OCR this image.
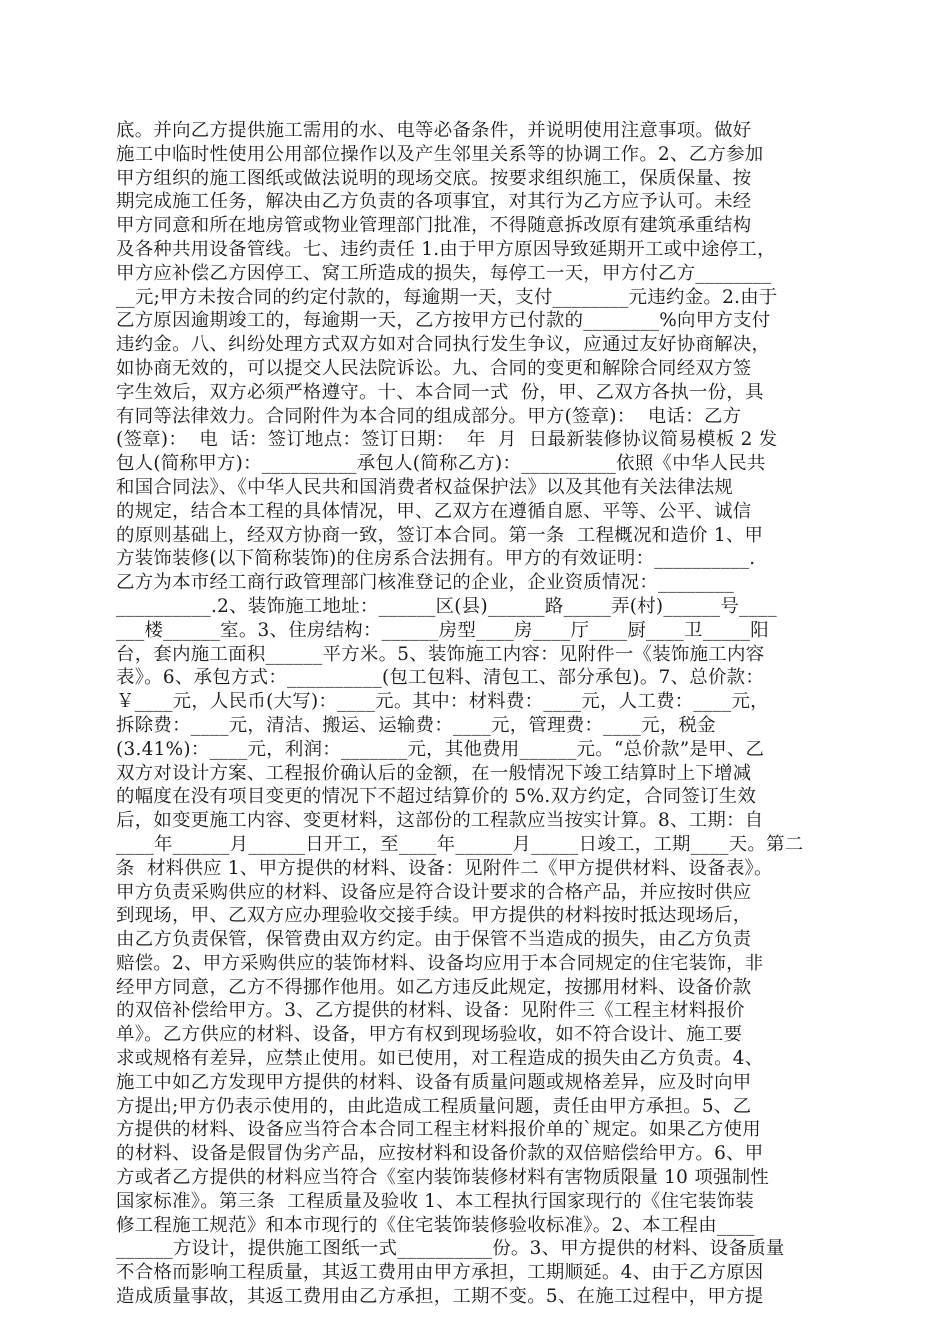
底。并向乙方提供施工需用的水、电等必备条件，并说明使用注意事项。做好
施工中临时性使用公用部位操作以及产生邻里关系等的协调工作。2、乙方参加
甲方组织的施工图纸或做法说明的现场交底。按要求组织施工，保质保量、按
期完成施工任务，解决由乙方负责的各项事宜，对其行为乙方应予认可。未经
甲方同意和所在地房管或物业管理部门批准，不得随意拆改原有建筑承重结构
及各种共用设备管线。七、违约责任 1.由于甲方原因导致延期开工或中途停工，
甲方应补偿乙方因停工、窝工所造成的损失，每停工一天，甲方付乙方________
__元;甲方未按合同的约定付款的，每逾期一天，支付________元违约金。2.由于
乙方原因逾期竣工的，每逾期一天，乙方按甲方已付款的________%向甲方支付
违约金。八、纠纷处理方式双方如对合同执行发生争议，应通过友好协商解决，
如协商无效的，可以提交人民法院诉讼。九、合同的变更和解除合同经双方签
字生效后，双方必须严格遵守。十、本合同一式  份，甲、乙双方各执一份，具
有同等法律效力。合同附件为本合同的组成部分。甲方(签章)：  电话：乙方
(签章)：  电  话：签订地点：签订日期：  年  月  日最新装修协议简易模板 2 发
包人(简称甲方)：__________承包人(简称乙方)：__________依照《中华人民共
和国合同法》、《中华人民共和国消费者权益保护法》以及其他有关法律法规
的规定，结合本工程的具体情况，甲、乙双方在遵循自愿、平等、公平、诚信
的原则基础上，经双方协商一致，签订本合同。第一条  工程概况和造价 1、甲
方装饰装修(以下简称装饰)的住房系合法拥有。甲方的有效证明：__________.
乙方为本市经工商行政管理部门核准登记的企业，企业资质情况：________
__________.2、装饰施工地址：______区(县)______路_____弄(村)______号____
___楼______室。3、住房结构：______房型____房____厅____厨____卫_____阳
台，套内施工面积______平方米。5、装饰施工内容：见附件一《装饰施工内容
表》。6、承包方式：__________(包工包料、清包工、部分承包)。7、总价款：
￥____元，人民币(大写)：____元。其中：材料费：____元，人工费：____元，
拆除费：____元，清洁、搬运、运输费：____元，管理费：____元，税金
(3.41%)：____元，利润：_______元，其他费用______元。“总价款”是甲、乙
双方对设计方案、工程报价确认后的金额，在一般情况下竣工结算时上下增减
的幅度在没有项目变更的情况下不超过结算价的 5%.双方约定，合同签订生效
后，如变更施工内容、变更材料，这部份的工程款应当按实计算。8、工期：自
____年______月______日开工，至____年______月_____日竣工，工期____天。第二
条  材料供应 1、甲方提供的材料、设备：见附件二《甲方提供材料、设备表》。
甲方负责采购供应的材料、设备应是符合设计要求的合格产品，并应按时供应
到现场，甲、乙双方应办理验收交接手续。甲方提供的材料按时抵达现场后，
由乙方负责保管，保管费由双方约定。由于保管不当造成的损失，由乙方负责
赔偿。2、甲方采购供应的装饰材料、设备均应用于本合同规定的住宅装饰，非
经甲方同意，乙方不得挪作他用。如乙方违反此规定，按挪用材料、设备价款
的双倍补偿给甲方。3、乙方提供的材料、设备：见附件三《工程主材料报价
单》。乙方供应的材料、设备，甲方有权到现场验收，如不符合设计、施工要
求或规格有差异，应禁止使用。如已使用，对工程造成的损失由乙方负责。4、
施工中如乙方发现甲方提供的材料、设备有质量问题或规格差异，应及时向甲
方提出;甲方仍表示使用的，由此造成工程质量问题，责任由甲方承担。5、乙
方提供的材料、设备应当符合本合同工程主材料报价单的`规定。如果乙方使用
的材料、设备是假冒伪劣产品，应按材料和设备价款的双倍赔偿给甲方。6、甲
方或者乙方提供的材料应当符合《室内装饰装修材料有害物质限量 10 项强制性
国家标准》。第三条  工程质量及验收 1、本工程执行国家现行的《住宅装饰装
修工程施工规范》和本市现行的《住宅装饰装修验收标准》。2、本工程由____
______方设计，提供施工图纸一式__________份。3、甲方提供的材料、设备质量
不合格而影响工程质量，其返工费用由甲方承担，工期顺延。4、由于乙方原因
造成质量事故，其返工费用由乙方承担，工期不变。5、在施工过程中，甲方提
